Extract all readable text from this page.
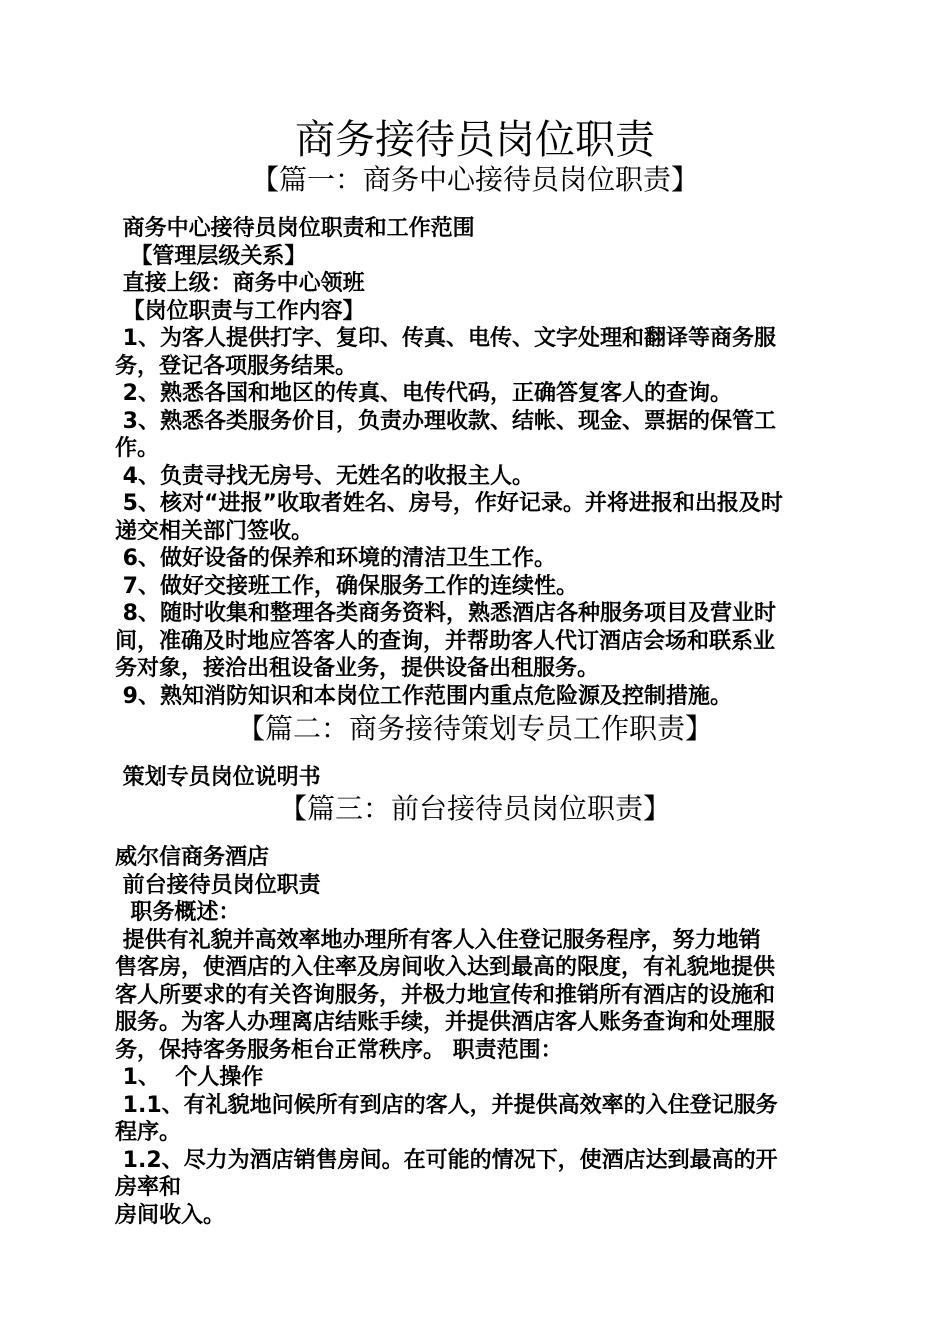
商务接待员岗位职责
【篇一：商务中心接待员岗位职责】

商务中心接待员岗位职责和工作范围

【管理层级关系】

直接上级：商务中心领班

【岗位职责与工作内容】

1、为客人提供打字、复印、传真、电传、文字处理和翻译等商务服

务，登记各项服务结果。

2、熟悉各国和地区的传真、电传代码，正确答复客人的查询。

3、熟悉各类服务价目，负责办理收款、结帐、现金、票据的保管工

作。

4、负责寻找无房号、无姓名的收报主人。

5、核对“进报”收取者姓名、房号，作好记录。并将进报和出报及时

递交相关部门签收。

6、做好设备的保养和环境的清洁卫生工作。

7、做好交接班工作，确保服务工作的连续性。

8、随时收集和整理各类商务资料，熟悉酒店各种服务项目及营业时

间，准确及时地应答客人的查询，并帮助客人代订酒店会场和联系业

务对象，接洽出租设备业务，提供设备出租服务。

9、熟知消防知识和本岗位工作范围内重点危险源及控制措施。

【篇二：商务接待策划专员工作职责】

策划专员岗位说明书

【篇三：前台接待员岗位职责】

威尔信商务酒店

前台接待员岗位职责

职务概述：

提供有礼貌并高效率地办理所有客人入住登记服务程序，努力地销

售客房，使酒店的入住率及房间收入达到最高的限度，有礼貌地提供

客人所要求的有关咨询服务，并极力地宣传和推销所有酒店的设施和

服务。为客人办理离店结账手续，并提供酒店客人账务查询和处理服

务，保持客务服务柜台正常秩序。 职责范围：

1、  个人操作

1.1、有礼貌地问候所有到店的客人，并提供高效率的入住登记服务

程序。

1.2、尽力为酒店销售房间。在可能的情况下，使酒店达到最高的开

房率和

房间收入。
